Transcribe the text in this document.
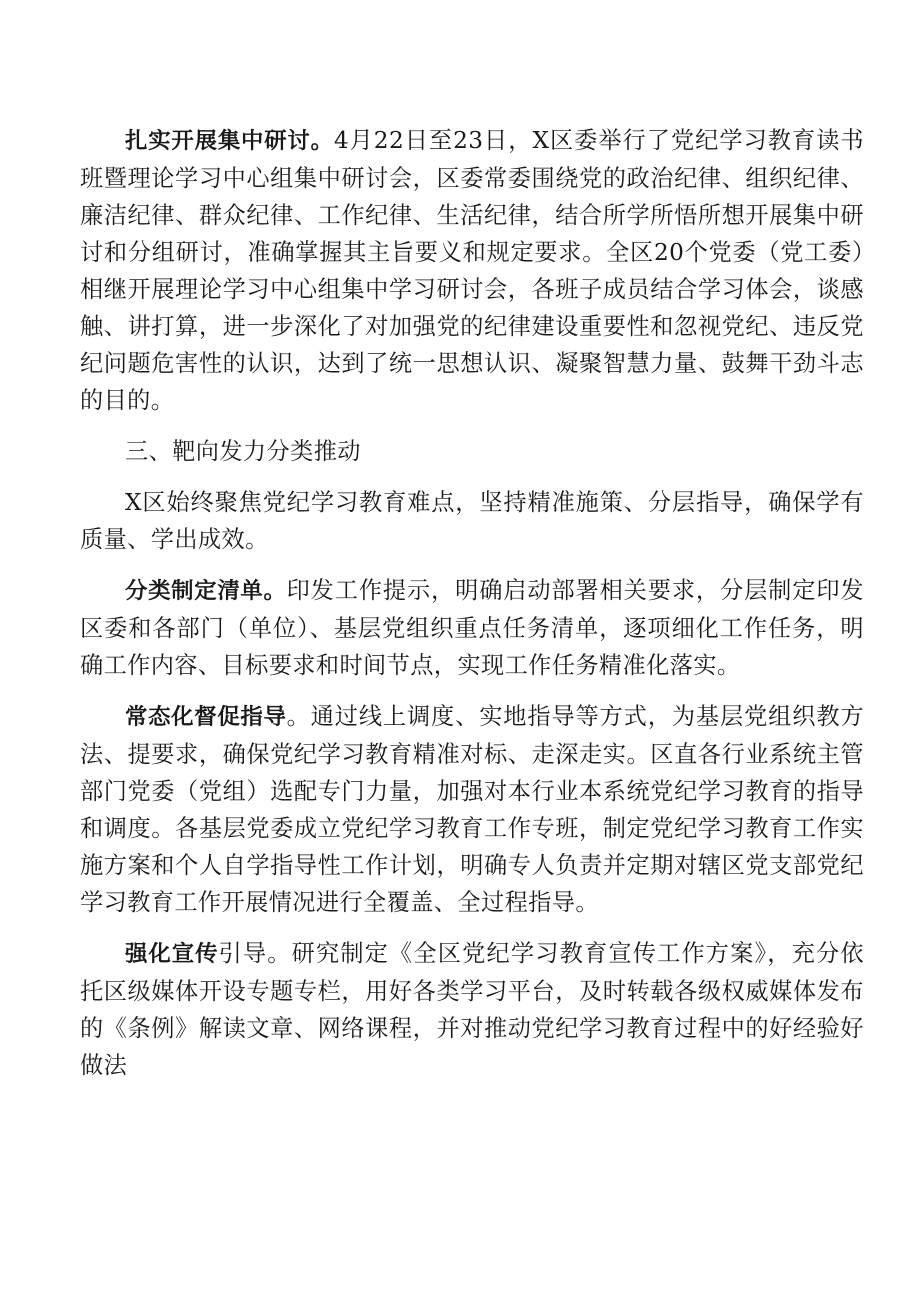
扎实开展集中研讨。4月22日至23日，X区委举行了党纪学习教育读书班暨理论学习中心组集中研讨会，区委常委围绕党的政治纪律、组织纪律、廉洁纪律、群众纪律、工作纪律、生活纪律，结合所学所悟所想开展集中研讨和分组研讨，准确掌握其主旨要义和规定要求。全区20个党委（党工委）相继开展理论学习中心组集中学习研讨会，各班子成员结合学习体会，谈感触、讲打算，进一步深化了对加强党的纪律建设重要性和忽视党纪、违反党纪问题危害性的认识，达到了统一思想认识、凝聚智慧力量、鼓舞干劲斗志的目的。

三、靶向发力分类推动

X区始终聚焦党纪学习教育难点，坚持精准施策、分层指导，确保学有质量、学出成效。

分类制定清单。印发工作提示，明确启动部署相关要求，分层制定印发区委和各部门（单位）、基层党组织重点任务清单，逐项细化工作任务，明确工作内容、目标要求和时间节点，实现工作任务精准化落实。

常态化督促指导。通过线上调度、实地指导等方式，为基层党组织教方法、提要求，确保党纪学习教育精准对标、走深走实。区直各行业系统主管部门党委（党组）选配专门力量，加强对本行业本系统党纪学习教育的指导和调度。各基层党委成立党纪学习教育工作专班，制定党纪学习教育工作实施方案和个人自学指导性工作计划，明确专人负责并定期对辖区党支部党纪学习教育工作开展情况进行全覆盖、全过程指导。

强化宣传引导。研究制定《全区党纪学习教育宣传工作方案》，充分依托区级媒体开设专题专栏，用好各类学习平台，及时转载各级权威媒体发布的《条例》解读文章、网络课程，并对推动党纪学习教育过程中的好经验好做法
